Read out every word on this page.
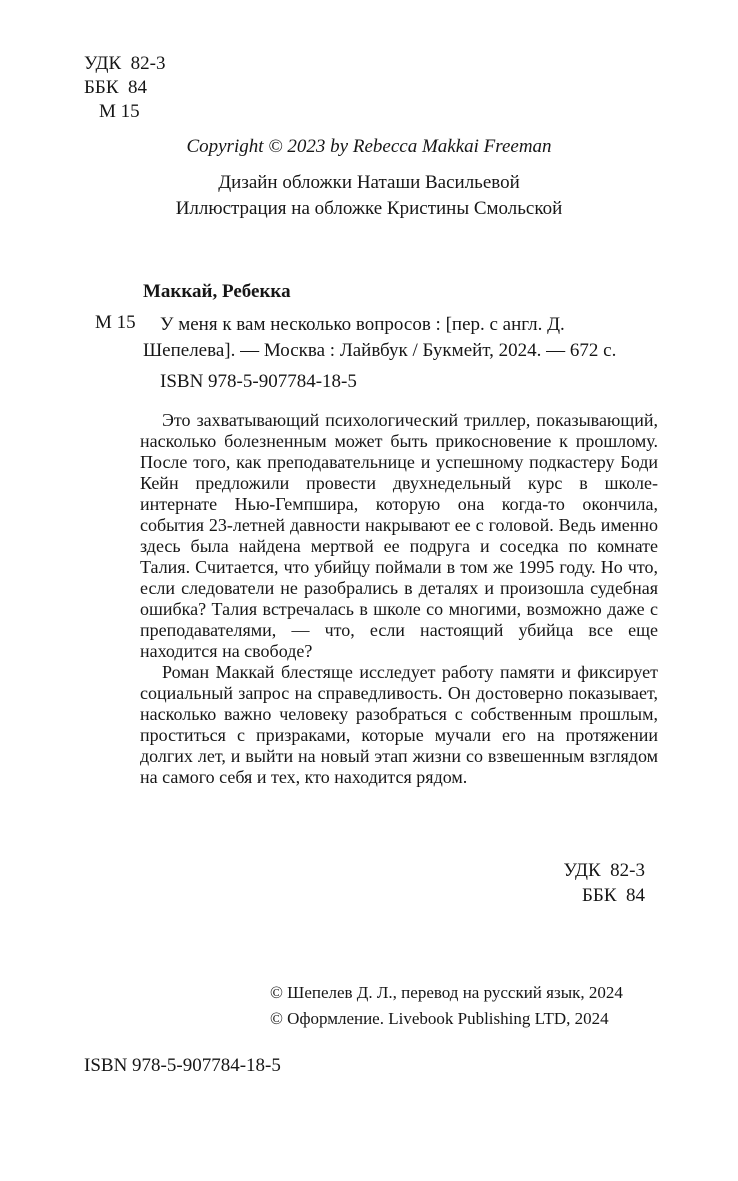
УДК  82-3
ББК  84
М 15
Copyright © 2023 by Rebecca Makkai Freeman
Дизайн обложки Наташи Васильевой
Иллюстрация на обложке Кристины Смольской
Маккай, Ребекка
М 15	У меня к вам несколько вопросов : [пер. с англ. Д. Шепелева]. — Москва : Лайвбук / Букмейт, 2024. — 672 с.

ISBN 978-5-907784-18-5

Это захватывающий психологический триллер, показывающий, насколько болезненным может быть прикосновение к прошлому. После того, как преподавательнице и успешному подкастеру Боди Кейн предложили провести двухнедельный курс в школе-интернате Нью-Гемпшира, которую она когда-то окончила, события 23-летней давности накрывают ее с головой. Ведь именно здесь была найдена мертвой ее подруга и соседка по комнате Талия. Считается, что убийцу поймали в том же 1995 году. Но что, если следователи не разобрались в деталях и произошла судебная ошибка? Талия встречалась в школе со многими, возможно даже с преподавателями, — что, если настоящий убийца все еще находится на свободе?

Роман Маккай блестяще исследует работу памяти и фиксирует социальный запрос на справедливость. Он достоверно показывает, насколько важно человеку разобраться с собственным прошлым, проститься с призраками, которые мучали его на протяжении долгих лет, и выйти на новый этап жизни со взвешенным взглядом на самого себя и тех, кто находится рядом.

УДК  82-3
ББК  84
© Шепелев Д. Л., перевод на русский язык, 2024
© Оформление. Livebook Publishing LTD, 2024
ISBN 978-5-907784-18-5
